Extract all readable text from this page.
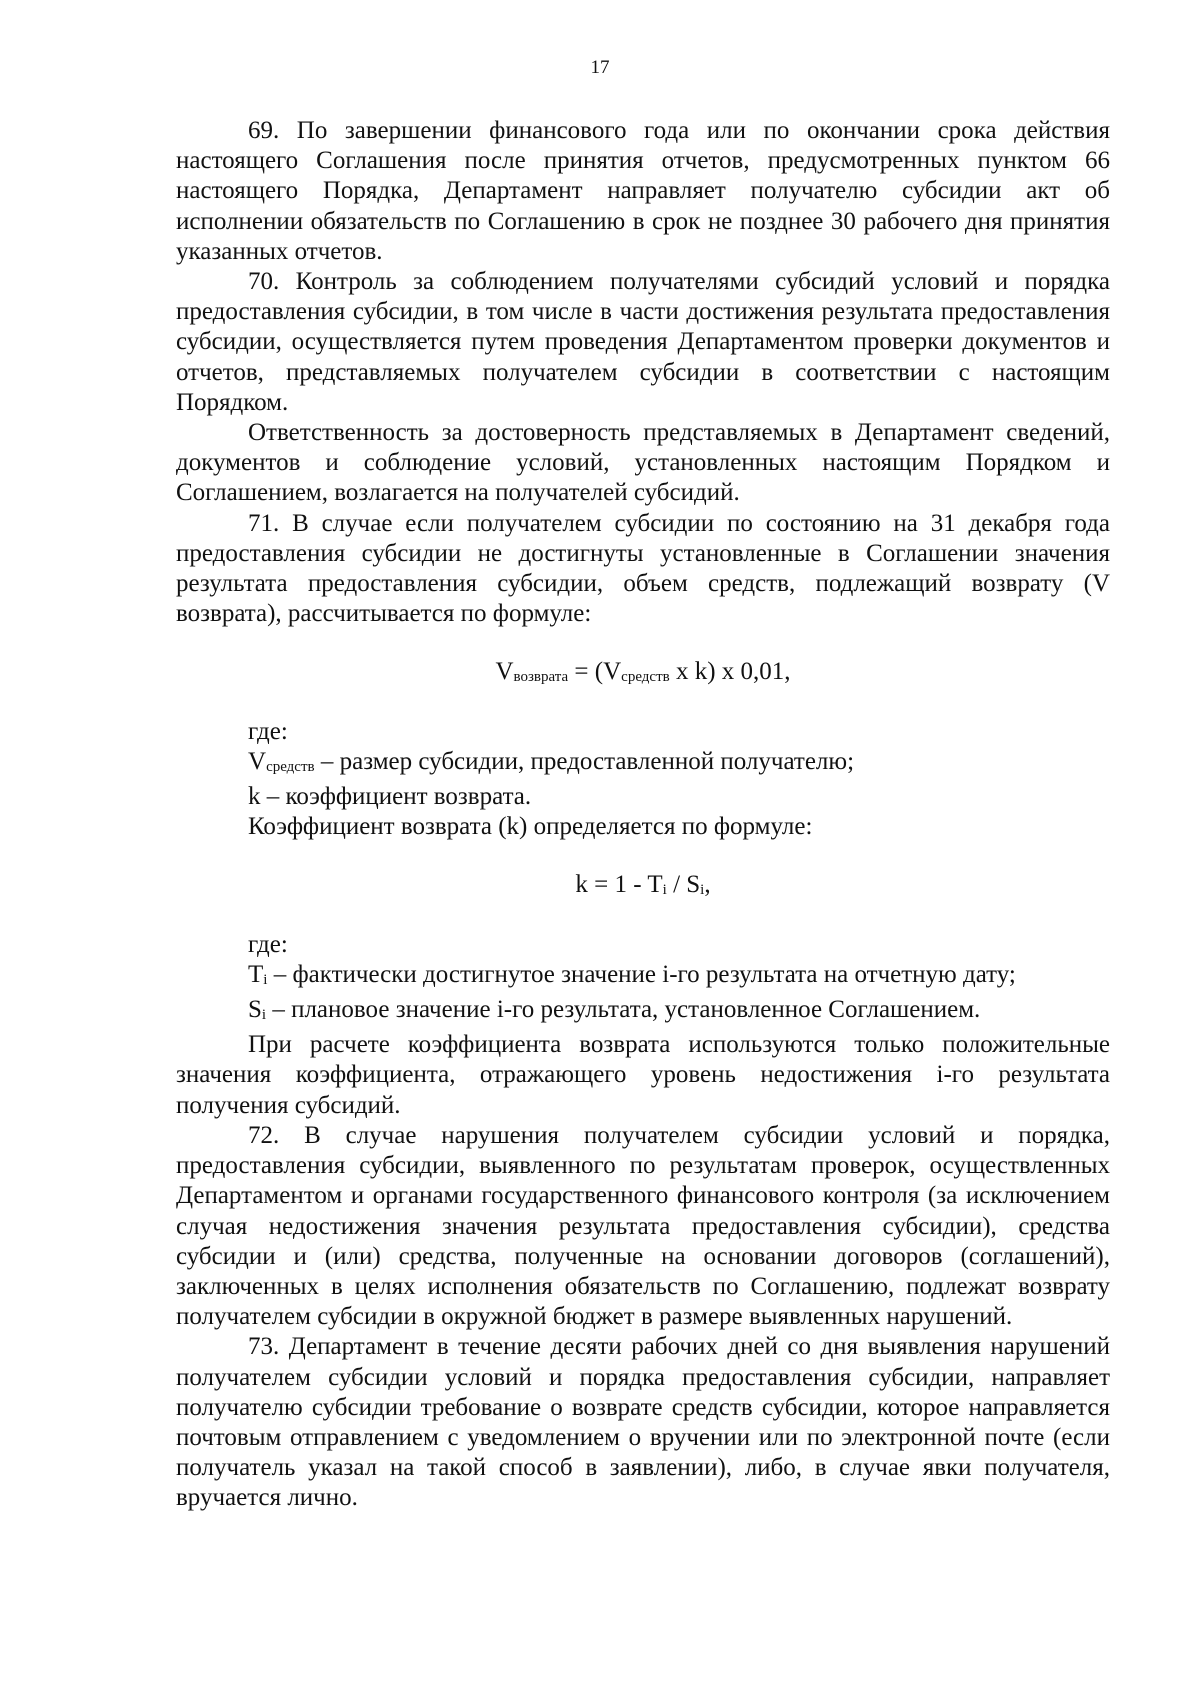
17

69. По завершении финансового года или по окончании срока действия настоящего Соглашения после принятия отчетов, предусмотренных пунктом 66 настоящего Порядка, Департамент направляет получателю субсидии акт об исполнении обязательств по Соглашению в срок не позднее 30 рабочего дня принятия указанных отчетов.

70. Контроль за соблюдением получателями субсидий условий и порядка предоставления субсидии, в том числе в части достижения результата предоставления субсидии, осуществляется путем проведения Департаментом проверки документов и отчетов, представляемых получателем субсидии в соответствии с настоящим Порядком.

Ответственность за достоверность представляемых в Департамент сведений, документов и соблюдение условий, установленных настоящим Порядком и Соглашением, возлагается на получателей субсидий.

71. В случае если получателем субсидии по состоянию на 31 декабря года предоставления субсидии не достигнуты установленные в Соглашении значения результата предоставления субсидии, объем средств, подлежащий возврату (V возврата), рассчитывается по формуле:

Vвозврата = (Vсредств x k) x 0,01,

где:

Vсредств – размер субсидии, предоставленной получателю;

k – коэффициент возврата.

Коэффициент возврата (k) определяется по формуле:

k = 1 - Ti / Si,

где:

Ti – фактически достигнутое значение i-го результата на отчетную дату;

Si – плановое значение i-го результата, установленное Соглашением.

При расчете коэффициента возврата используются только положительные значения коэффициента, отражающего уровень недостижения i-го результата получения субсидий.

72. В случае нарушения получателем субсидии условий и порядка, предоставления субсидии, выявленного по результатам проверок, осуществленных Департаментом и органами государственного финансового контроля (за исключением случая недостижения значения результата предоставления субсидии), средства субсидии и (или) средства, полученные на основании договоров (соглашений), заключенных в целях исполнения обязательств по Соглашению, подлежат возврату получателем субсидии в окружной бюджет в размере выявленных нарушений.

73. Департамент в течение десяти рабочих дней со дня выявления нарушений получателем субсидии условий и порядка предоставления субсидии, направляет получателю субсидии требование о возврате средств субсидии, которое направляется почтовым отправлением с уведомлением о вручении или по электронной почте (если получатель указал на такой способ в заявлении), либо, в случае явки получателя, вручается лично.
